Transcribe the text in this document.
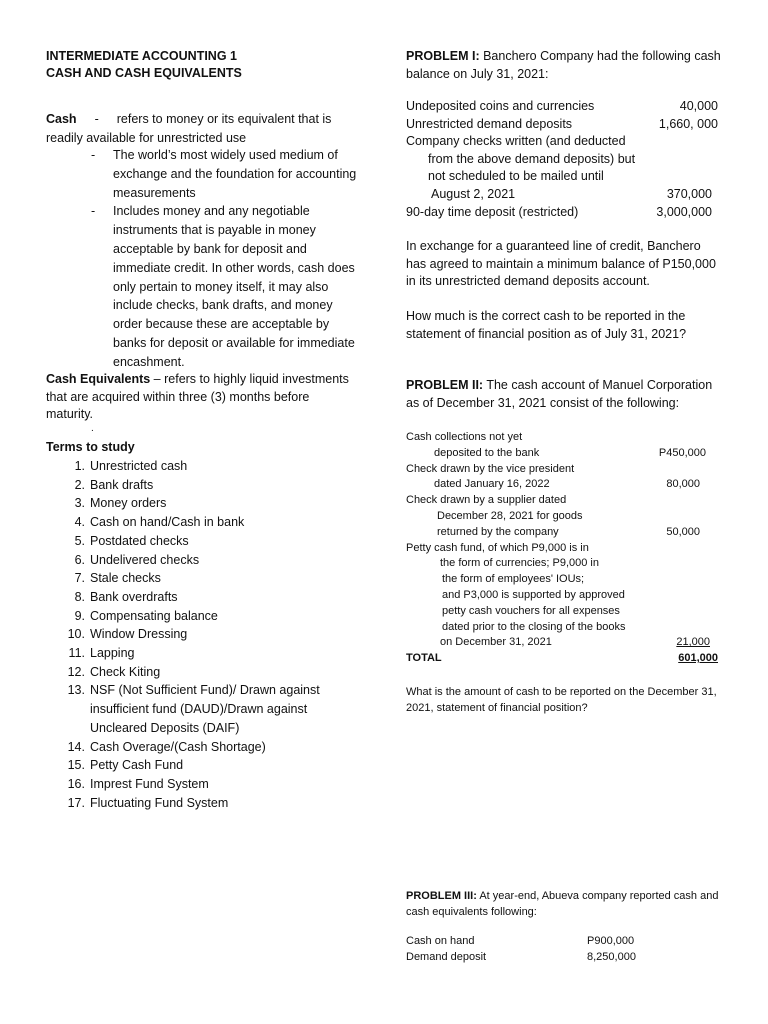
INTERMEDIATE ACCOUNTING 1
CASH AND CASH EQUIVALENTS
Cash - refers to money or its equivalent that is
readily available for unrestricted use
- The world’s most widely used medium of exchange and the foundation for accounting measurements
- Includes money and any negotiable instruments that is payable in money acceptable by bank for deposit and immediate credit. In other words, cash does only pertain to money itself, it may also include checks, bank drafts, and money order because these are acceptable by banks for deposit or available for immediate encashment.
Cash Equivalents – refers to highly liquid investments that are acquired within three (3) months before maturity.
.
Terms to study
1. Unrestricted cash
2. Bank drafts
3. Money orders
4. Cash on hand/Cash in bank
5. Postdated checks
6. Undelivered checks
7. Stale checks
8. Bank overdrafts
9. Compensating balance
10. Window Dressing
11. Lapping
12. Check Kiting
13. NSF (Not Sufficient Fund)/ Drawn against insufficient fund (DAUD)/Drawn against Uncleared Deposits (DAIF)
14. Cash Overage/(Cash Shortage)
15. Petty Cash Fund
16. Imprest Fund System
17. Fluctuating Fund System
PROBLEM I: Banchero Company had the following cash balance on July 31, 2021:
Undeposited coins and currencies	40,000
Unrestricted demand deposits	1,660, 000
Company checks written (and deducted
from the above demand deposits) but
not scheduled to be mailed until
August 2, 2021	370,000
90-day time deposit (restricted)	3,000,000
In exchange for a guaranteed line of credit, Banchero has agreed to maintain a minimum balance of P150,000 in its unrestricted demand deposits account.
How much is the correct cash to be reported in the statement of financial position as of July 31, 2021?
PROBLEM II: The cash account of Manuel Corporation as of December 31, 2021 consist of the following:
Cash collections not yet
deposited to the bank	P450,000
Check drawn by the vice president
dated January 16, 2022	80,000
Check drawn by a supplier dated
December 28, 2021 for goods
returned by the company	50,000
Petty cash fund, of which P9,000 is in
the form of currencies; P9,000 in
the form of employees' IOUs;
and P3,000 is supported by approved
petty cash vouchers for all expenses
dated prior to the closing of the books
on December 31, 2021	21,000
TOTAL	601,000
What is the amount of cash to be reported on the December 31, 2021, statement of financial position?
PROBLEM III: At year-end, Abueva company reported cash and cash equivalents following:
Cash on hand	P900,000
Demand deposit	8,250,000
